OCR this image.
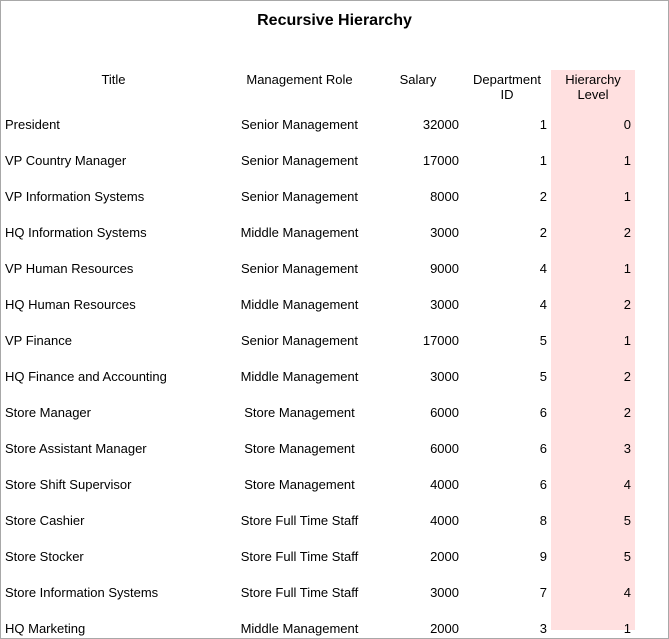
Recursive Hierarchy
Title	Management Role	Salary	Department ID	Hierarchy Level
President	Senior Management	32000	1	0
VP Country Manager	Senior Management	17000	1	1
VP Information Systems	Senior Management	8000	2	1
HQ Information Systems	Middle Management	3000	2	2
VP Human Resources	Senior Management	9000	4	1
HQ Human Resources	Middle Management	3000	4	2
VP Finance	Senior Management	17000	5	1
HQ Finance and Accounting	Middle Management	3000	5	2
Store Manager	Store Management	6000	6	2
Store Assistant Manager	Store Management	6000	6	3
Store Shift Supervisor	Store Management	4000	6	4
Store Cashier	Store Full Time Staff	4000	8	5
Store Stocker	Store Full Time Staff	2000	9	5
Store Information Systems	Store Full Time Staff	3000	7	4
HQ Marketing	Middle Management	2000	3	1
